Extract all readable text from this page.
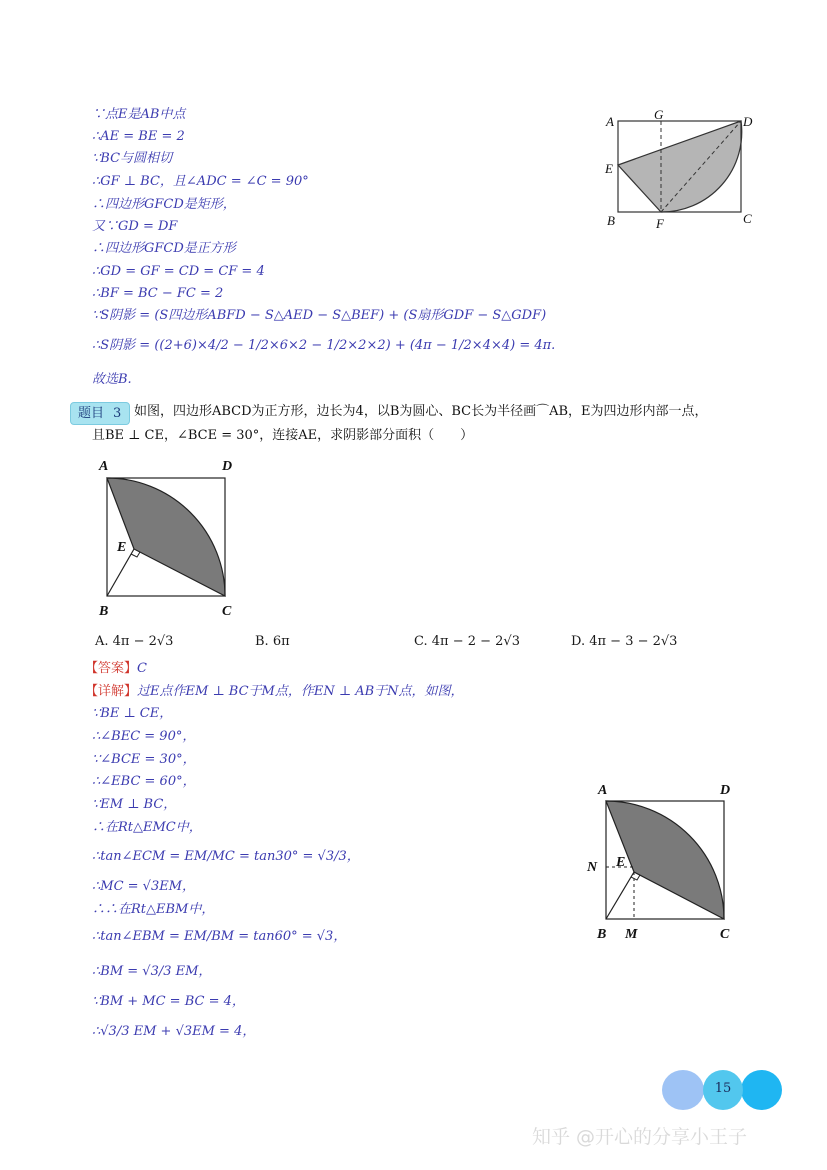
∵点E是AB中点
∴AE = BE = 2
∵BC与圆相切
∴GF ⊥ BC，且∠ADC = ∠C = 90°
∴四边形GFCD是矩形，
又∵GD = DF
∴四边形GFCD是正方形
∴GD = GF = CD = CF = 4
∴BF = BC − FC = 2
∵S阴影 = (S四边形ABFD − S△AED − S△BEF) + (S扇形GDF − S△GDF)
∴S阴影 = ((2+6)×4/2 − 1/2×6×2 − 1/2×2×2) + (4π − 1/2×4×4) = 4π.
故选B.
A	G	D
E
B	F	C
题目 3 如图，四边形ABCD为正方形，边长为4，以B为圆心、BC长为半径画⌒AB，E为四边形内部一点，
且BE ⊥ CE，∠BCE = 30°，连接AE，求阴影部分面积（　　）
A	D
E
B	C
A. 4π − 2√3	B. 6π	C. 4π − 2 − 2√3	D. 4π − 3 − 2√3
【答案】C
【详解】过E点作EM ⊥ BC于M点，作EN ⊥ AB于N点，如图，
∵BE ⊥ CE，
∴∠BEC = 90°，
∵∠BCE = 30°，
∴∠EBC = 60°，
∵EM ⊥ BC，
∴在Rt△EMC中，
∴tan∠ECM = EM/MC = tan30° = √3/3，
∴MC = √3EM，
∴∴在Rt△EBM中，
∴tan∠EBM = EM/BM = tan60° = √3，
∴BM = √3/3 EM，
∵BM + MC = BC = 4，
∴√3/3 EM + √3EM = 4，
A	D
N E
B M	C
15
知乎 @开心的分享小王子
